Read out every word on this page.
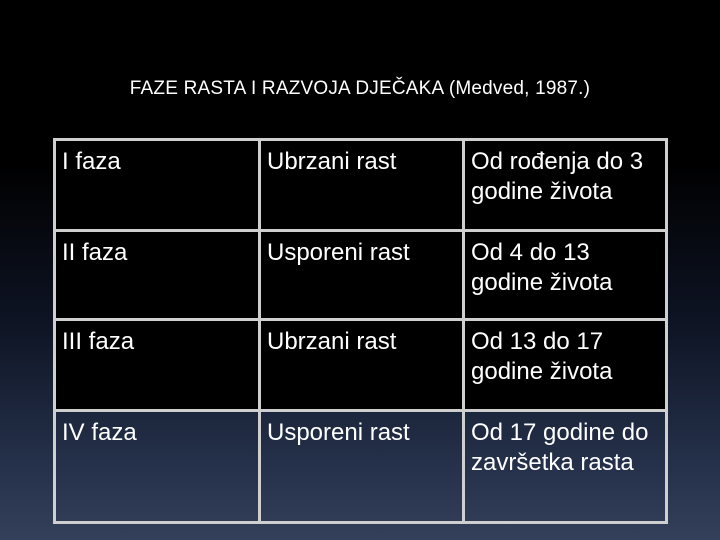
FAZE RASTA I RAZVOJA DJEČAKA (Medved, 1987.)
I faza	Ubrzani rast	Od rođenja do 3 godine života
II faza	Usporeni rast	Od 4 do 13 godine života
III faza	Ubrzani rast	Od 13 do 17 godine života
IV faza	Usporeni rast	Od 17 godine do završetka rasta
